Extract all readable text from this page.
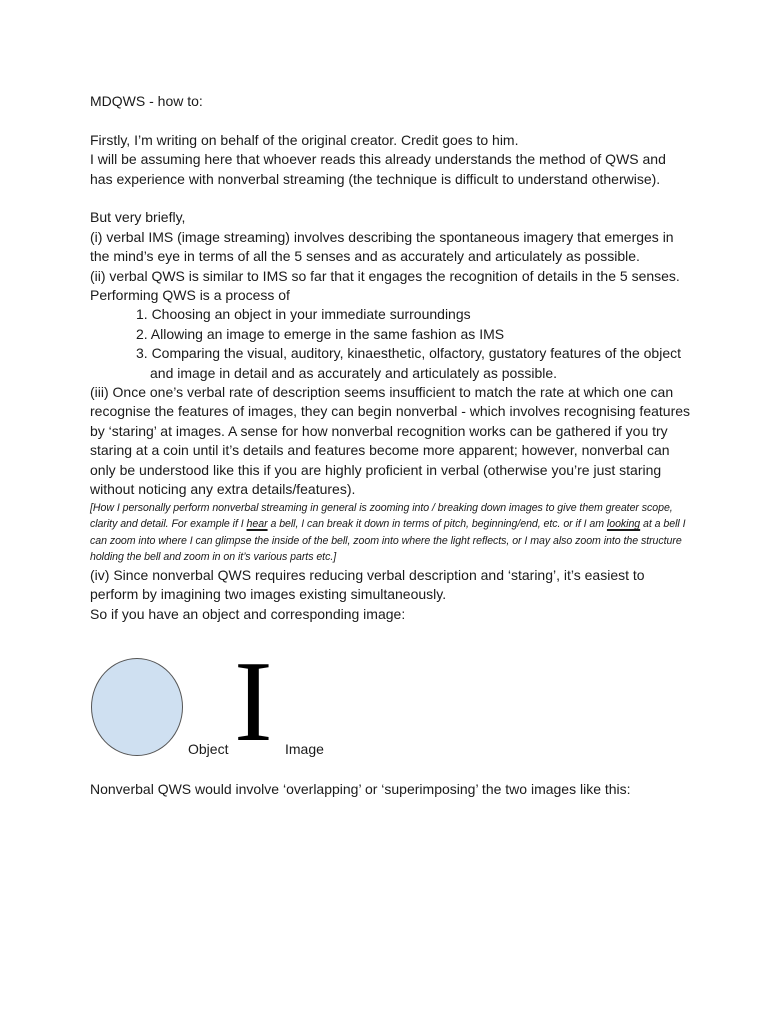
MDQWS - how to:

Firstly, I’m writing on behalf of the original creator. Credit goes to him.

I will be assuming here that whoever reads this already understands the method of QWS and has experience with nonverbal streaming (the technique is difficult to understand otherwise).

But very briefly,

(i) verbal IMS (image streaming) involves describing the spontaneous imagery that emerges in the mind’s eye in terms of all the 5 senses and as accurately and articulately as possible.

(ii) verbal QWS is similar to IMS so far that it engages the recognition of details in the 5 senses. Performing QWS is a process of

1. Choosing an object in your immediate surroundings
2. Allowing an image to emerge in the same fashion as IMS
3. Comparing the visual, auditory, kinaesthetic, olfactory, gustatory features of the object and image in detail and as accurately and articulately as possible.

(iii) Once one’s verbal rate of description seems insufficient to match the rate at which one can recognise the features of images, they can begin nonverbal - which involves recognising features by ‘staring’ at images. A sense for how nonverbal recognition works can be gathered if you try staring at a coin until it’s details and features become more apparent; however, nonverbal can only be understood like this if you are highly proficient in verbal (otherwise you’re just staring without noticing any extra details/features).

[How I personally perform nonverbal streaming in general is zooming into / breaking down images to give them greater scope, clarity and detail. For example if I hear a bell, I can break it down in terms of pitch, beginning/end, etc. or if I am looking at a bell I can zoom into where I can glimpse the inside of the bell, zoom into where the light reflects, or I may also zoom into the structure holding the bell and zoom in on it’s various parts etc.]

(iv) Since nonverbal QWS requires reducing verbal description and ‘staring’, it’s easiest to perform by imagining two images existing simultaneously.

So if you have an object and corresponding image:

Object I Image

Nonverbal QWS would involve ‘overlapping’ or ‘superimposing’ the two images like this:
